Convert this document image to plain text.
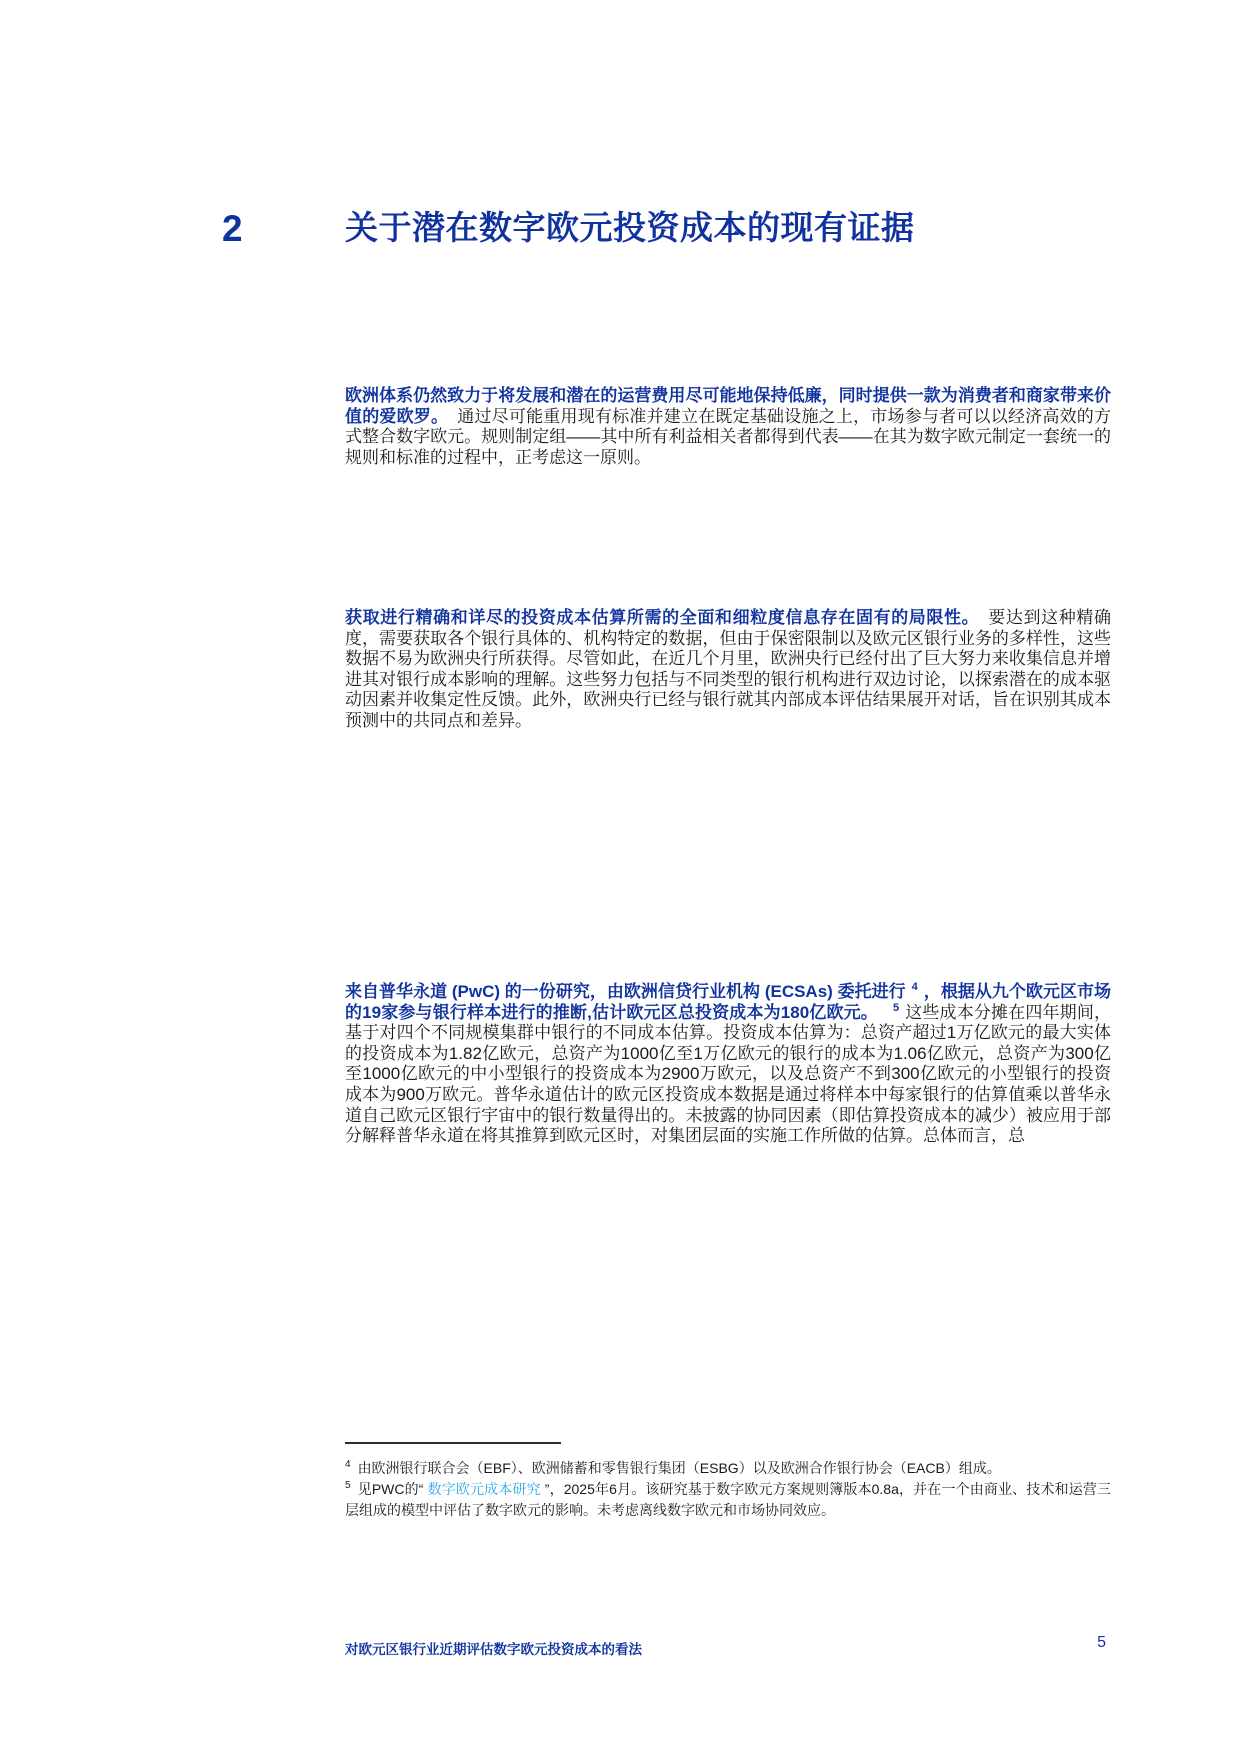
2	关于潜在数字欧元投资成本的现有证据

欧洲体系仍然致力于将发展和潜在的运营费用尽可能地保持低廉，同时提供一款为消费者和商家带来价值的爱欧罗。 通过尽可能重用现有标准并建立在既定基础设施之上，市场参与者可以以经济高效的方式整合数字欧元。规则制定组——其中所有利益相关者都得到代表——在其为数字欧元制定一套统一的规则和标准的过程中，正考虑这一原则。

获取进行精确和详尽的投资成本估算所需的全面和细粒度信息存在固有的局限性。 要达到这种精确度，需要获取各个银行具体的、机构特定的数据，但由于保密限制以及欧元区银行业务的多样性，这些数据不易为欧洲央行所获得。尽管如此，在近几个月里，欧洲央行已经付出了巨大努力来收集信息并增进其对银行成本影响的理解。这些努力包括与不同类型的银行机构进行双边讨论，以探索潜在的成本驱动因素并收集定性反馈。此外，欧洲央行已经与银行就其内部成本评估结果展开对话，旨在识别其成本预测中的共同点和差异。

来自普华永道 (PwC) 的一份研究，由欧洲信贷行业机构 (ECSAs) 委托进行 $^4$ ，根据从九个欧元区市场的19家参与银行样本进行的推断,估计欧元区总投资成本为180亿欧元。 $^5$ 这些成本分摊在四年期间，基于对四个不同规模集群中银行的不同成本估算。投资成本估算为：总资产超过1万亿欧元的最大实体的投资成本为1.82亿欧元，总资产为1000亿至1万亿欧元的银行的成本为1.06亿欧元，总资产为300亿至1000亿欧元的中小型银行的投资成本为2900万欧元，以及总资产不到300亿欧元的小型银行的投资成本为900万欧元。普华永道估计的欧元区投资成本数据是通过将样本中每家银行的估算值乘以普华永道自己欧元区银行宇宙中的银行数量得出的。未披露的协同因素（即估算投资成本的减少）被应用于部分解释普华永道在将其推算到欧元区时，对集团层面的实施工作所做的估算。总体而言，总

$^4$ 由欧洲银行联合会（EBF）、欧洲储蓄和零售银行集团（ESBG）以及欧洲合作银行协会（EACB）组成。

$^5$ 见PWC的“ 数字欧元成本研究 ”，2025年6月。该研究基于数字欧元方案规则簿版本0.8a，并在一个由商业、技术和运营三层组成的模型中评估了数字欧元的影响。未考虑离线数字欧元和市场协同效应。

对欧元区银行业近期评估数字欧元投资成本的看法	5
